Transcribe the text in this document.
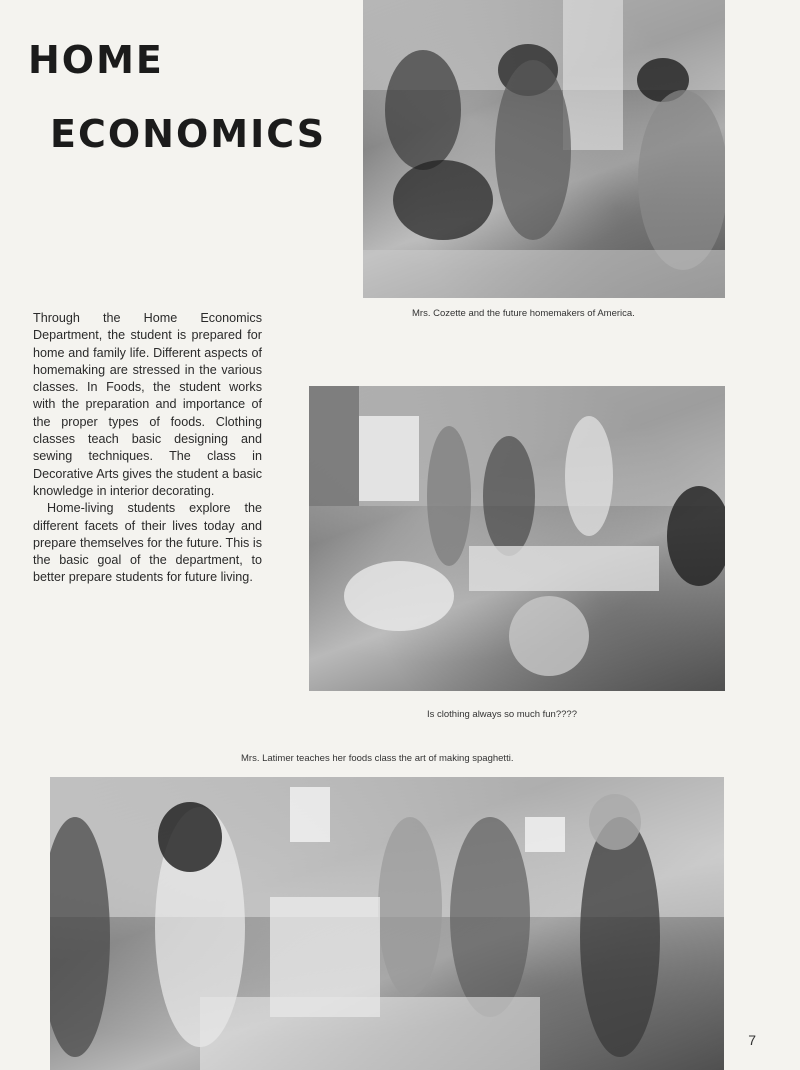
HOME
ECONOMICS

Mrs. Cozette and the future homemakers of America.

Through the Home Economics Department, the student is prepared for home and family life. Different aspects of homemaking are stressed in the various classes. In Foods, the student works with the preparation and importance of the proper types of foods. Clothing classes teach basic designing and sewing techniques. The class in Decorative Arts gives the student a basic knowledge in interior decorating.

Home-living students explore the different facets of their lives today and prepare themselves for the future. This is the basic goal of the department, to better prepare students for future living.

Is clothing always so much fun????

Mrs. Latimer teaches her foods class the art of making spaghetti.

7
